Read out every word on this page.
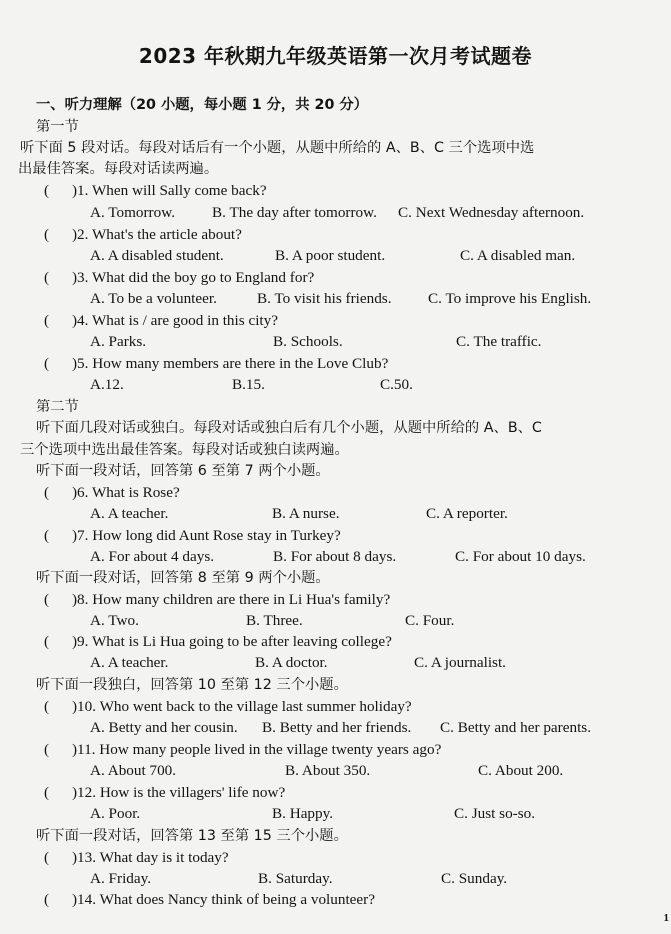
2023 年秋期九年级英语第一次月考试题卷
一、听力理解（20 小题，每小题 1 分，共 20 分）
第一节
听下面 5 段对话。每段对话后有一个小题，从题中所给的 A、B、C 三个选项中选
出最佳答案。每段对话读两遍。
( )1. When will Sally come back?
A. Tomorrow. B. The day after tomorrow. C. Next Wednesday afternoon.
( )2. What's the article about?
A. A disabled student.	B. A poor student.	C. A disabled man.
( )3. What did the boy go to England for?
A. To be a volunteer.	B. To visit his friends. C. To improve his English.
( )4. What is / are good in this city?
A. Parks.	B. Schools.	C. The traffic.
( )5. How many members are there in the Love Club?
A.12.	B.15.	C.50.
第二节
听下面几段对话或独白。每段对话或独白后有几个小题，从题中所给的 A、B、C
三个选项中选出最佳答案。每段对话或独白读两遍。
听下面一段对话，回答第 6 至第 7 两个小题。
( )6. What is Rose?
A. A teacher.	B. A nurse.	C. A reporter.
( )7. How long did Aunt Rose stay in Turkey?
A. For about 4 days.	B. For about 8 days.	C. For about 10 days.
听下面一段对话，回答第 8 至第 9 两个小题。
( )8. How many children are there in Li Hua's family?
A. Two.	B. Three.	C. Four.
( )9. What is Li Hua going to be after leaving college?
A. A teacher.	B. A doctor.	C. A journalist.
听下面一段独白，回答第 10 至第 12 三个小题。
( )10. Who went back to the village last summer holiday?
A. Betty and her cousin. B. Betty and her friends. C. Betty and her parents.
( )11. How many people lived in the village twenty years ago?
A. About 700.	B. About 350.	C. About 200.
( )12. How is the villagers' life now?
A. Poor.	B. Happy.	C. Just so-so.
听下面一段对话，回答第 13 至第 15 三个小题。
( )13. What day is it today?
A. Friday.	B. Saturday.	C. Sunday.
( )14. What does Nancy think of being a volunteer?
1
